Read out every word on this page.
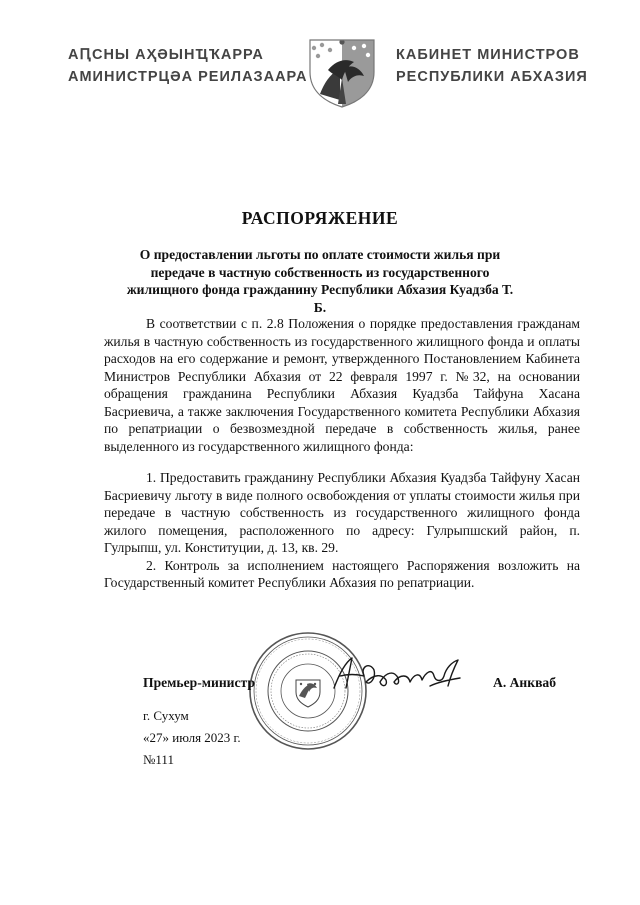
АԤСНЫ АҲӘЫНҴҠАРРА
АМИНИСТРЦӘА РЕИЛАЗААРА
КАБИНЕТ МИНИСТРОВ
РЕСПУБЛИКИ АБХАЗИЯ
РАСПОРЯЖЕНИЕ
О предоставлении льготы по оплате стоимости жилья при передаче в частную собственность из государственного жилищного фонда гражданину Республики Абхазия Куадзба Т. Б.

В соответствии с п. 2.8 Положения о порядке предоставления гражданам жилья в частную собственность из государственного жилищного фонда и оплаты расходов на его содержание и ремонт, утвержденного Постановлением Кабинета Министров Республики Абхазия от 22 февраля 1997 г. №32, на основании обращения гражданина Республики Абхазия Куадзба Тайфуна Хасана Басриевича, а также заключения Государственного комитета Республики Абхазия по репатриации о безвозмездной передаче в собственность жилья, ранее выделенного из государственного жилищного фонда:

1. Предоставить гражданину Республики Абхазия Куадзба Тайфуну Хасан Басриевичу льготу в виде полного освобождения от уплаты стоимости жилья при передаче в частную собственность из государственного жилищного фонда жилого помещения, расположенного по адресу: Гулрыпшский район, п. Гулрыпш, ул. Конституции, д. 13, кв. 29.

2. Контроль за исполнением настоящего Распоряжения возложить на Государственный комитет Республики Абхазия по репатриации.

Премьер-министр	А. Анкваб
г. Сухум
«27» июля 2023 г.
№111
